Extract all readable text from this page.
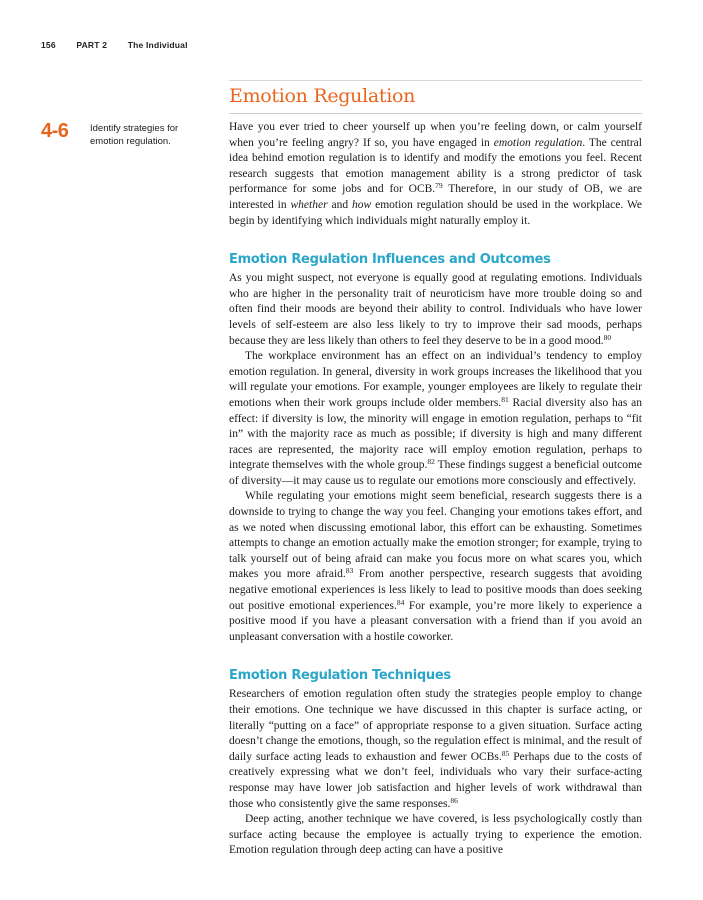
156 PART 2 The Individual
Emotion Regulation
4-6 Identify strategies for emotion regulation.

Have you ever tried to cheer yourself up when you’re feeling down, or calm yourself when you’re feeling angry? If so, you have engaged in emotion regulation. The central idea behind emotion regulation is to identify and modify the emotions you feel. Recent research suggests that emotion management ability is a strong predictor of task performance for some jobs and for OCB.$^{79}$ Therefore, in our study of OB, we are interested in whether and how emotion regulation should be used in the workplace. We begin by identifying which individuals might naturally employ it.

Emotion Regulation Influences and Outcomes

As you might suspect, not everyone is equally good at regulating emotions. Individuals who are higher in the personality trait of neuroticism have more trouble doing so and often find their moods are beyond their ability to control. Individuals who have lower levels of self-esteem are also less likely to try to improve their sad moods, perhaps because they are less likely than others to feel they deserve to be in a good mood.$^{80}$

The workplace environment has an effect on an individual’s tendency to employ emotion regulation. In general, diversity in work groups increases the likelihood that you will regulate your emotions. For example, younger employees are likely to regulate their emotions when their work groups include older members.$^{81}$ Racial diversity also has an effect: if diversity is low, the minority will engage in emotion regulation, perhaps to “fit in” with the majority race as much as possible; if diversity is high and many different races are represented, the majority race will employ emotion regulation, perhaps to integrate themselves with the whole group.$^{82}$ These findings suggest a beneficial outcome of diversity—it may cause us to regulate our emotions more consciously and effectively.

While regulating your emotions might seem beneficial, research suggests there is a downside to trying to change the way you feel. Changing your emotions takes effort, and as we noted when discussing emotional labor, this effort can be exhausting. Sometimes attempts to change an emotion actually make the emotion stronger; for example, trying to talk yourself out of being afraid can make you focus more on what scares you, which makes you more afraid.$^{83}$ From another perspective, research suggests that avoiding negative emotional experiences is less likely to lead to positive moods than does seeking out positive emotional experiences.$^{84}$ For example, you’re more likely to experience a positive mood if you have a pleasant conversation with a friend than if you avoid an unpleasant conversation with a hostile coworker.

Emotion Regulation Techniques

Researchers of emotion regulation often study the strategies people employ to change their emotions. One technique we have discussed in this chapter is surface acting, or literally “putting on a face” of appropriate response to a given situation. Surface acting doesn’t change the emotions, though, so the regulation effect is minimal, and the result of daily surface acting leads to exhaustion and fewer OCBs.$^{85}$ Perhaps due to the costs of creatively expressing what we don’t feel, individuals who vary their surface-acting response may have lower job satisfaction and higher levels of work withdrawal than those who consistently give the same responses.$^{86}$

Deep acting, another technique we have covered, is less psychologically costly than surface acting because the employee is actually trying to experience the emotion. Emotion regulation through deep acting can have a positive
